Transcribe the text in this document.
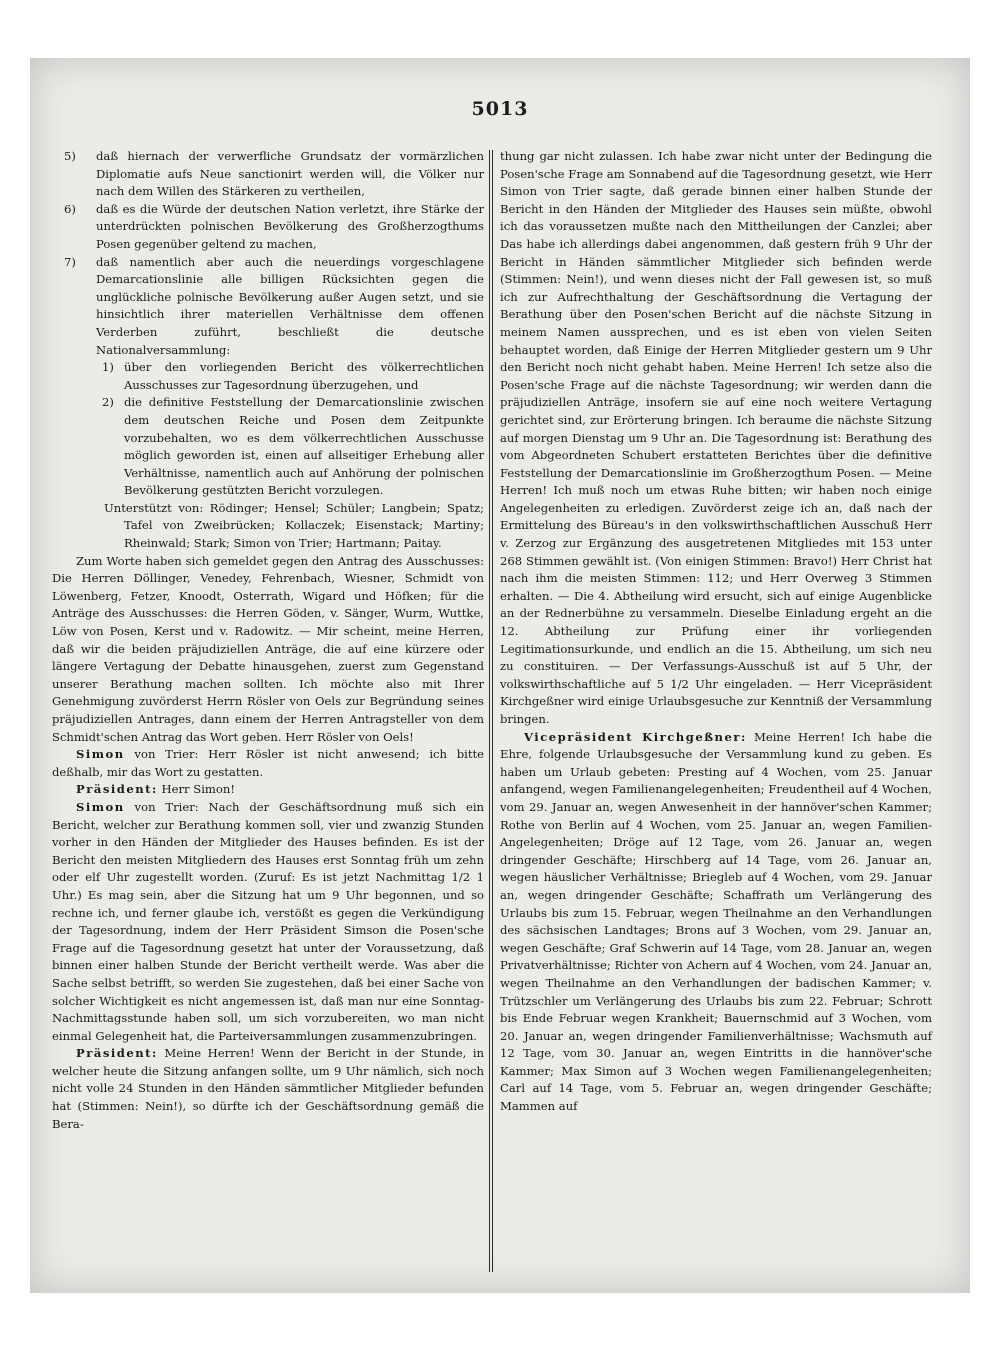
5013
5) daß hiernach der verwerfliche Grundsatz der vormärzlichen Diplomatie aufs Neue sanctionirt werden will, die Völker nur nach dem Willen des Stärkeren zu vertheilen,
6) daß es die Würde der deutschen Nation verletzt, ihre Stärke der unterdrückten polnischen Bevölkerung des Großherzogthums Posen gegenüber geltend zu machen,
7) daß namentlich aber auch die neuerdings vorgeschlagene Demarcationslinie alle billigen Rücksichten gegen die unglückliche polnische Bevölkerung außer Augen setzt, und sie hinsichtlich ihrer materiellen Verhältnisse dem offenen Verderben zuführt, beschließt die deutsche Nationalversammlung:
1) über den vorliegenden Bericht des völkerrechtlichen Ausschusses zur Tagesordnung überzugehen, und
2) die definitive Feststellung der Demarcationslinie zwischen dem deutschen Reiche und Posen dem Zeitpunkte vorzubehalten, wo es dem völkerrechtlichen Ausschusse möglich geworden ist, einen auf allseitiger Erhebung aller Verhältnisse, namentlich auch auf Anhörung der polnischen Bevölkerung gestützten Bericht vorzulegen.

Unterstützt von: Rödinger; Hensel; Schüler; Langbein; Spatz; Tafel von Zweibrücken; Kollaczek; Eisenstack; Martiny; Rheinwald; Stark; Simon von Trier; Hartmann; Paitay.

Zum Worte haben sich gemeldet gegen den Antrag des Ausschusses: Die Herren Döllinger, Venedey, Fehrenbach, Wiesner, Schmidt von Löwenberg, Fetzer, Knoodt, Osterrath, Wigard und Höfken; für die Anträge des Ausschusses: die Herren Göden, v. Sänger, Wurm, Wuttke, Löw von Posen, Kerst und v. Radowitz. — Mir scheint, meine Herren, daß wir die beiden präjudiziellen Anträge, die auf eine kürzere oder längere Vertagung der Debatte hinausgehen, zuerst zum Gegenstand unserer Berathung machen sollten. Ich möchte also mit Ihrer Genehmigung zuvörderst Herrn Rösler von Oels zur Begründung seines präjudiziellen Antrages, dann einem der Herren Antragsteller von dem Schmidt'schen Antrag das Wort geben. Herr Rösler von Oels!

Simon von Trier: Herr Rösler ist nicht anwesend; ich bitte deßhalb, mir das Wort zu gestatten.

Präsident: Herr Simon!

Simon von Trier: Nach der Geschäftsordnung muß sich ein Bericht, welcher zur Berathung kommen soll, vier und zwanzig Stunden vorher in den Händen der Mitglieder des Hauses befinden. Es ist der Bericht den meisten Mitgliedern des Hauses erst Sonntag früh um zehn oder elf Uhr zugestellt worden. (Zuruf: Es ist jetzt Nachmittag 1/2 1 Uhr.) Es mag sein, aber die Sitzung hat um 9 Uhr begonnen, und so rechne ich, und ferner glaube ich, verstößt es gegen die Verkündigung der Tagesordnung, indem der Herr Präsident Simson die Posen'sche Frage auf die Tagesordnung gesetzt hat unter der Voraussetzung, daß binnen einer halben Stunde der Bericht vertheilt werde. Was aber die Sache selbst betrifft, so werden Sie zugestehen, daß bei einer Sache von solcher Wichtigkeit es nicht angemessen ist, daß man nur eine Sonntag-Nachmittagsstunde haben soll, um sich vorzubereiten, wo man nicht einmal Gelegenheit hat, die Parteiversammlungen zusammenzubringen.

Präsident: Meine Herren! Wenn der Bericht in der Stunde, in welcher heute die Sitzung anfangen sollte, um 9 Uhr nämlich, sich noch nicht volle 24 Stunden in den Händen sämmtlicher Mitglieder befunden hat (Stimmen: Nein!), so dürfte ich der Geschäftsordnung gemäß die Bera-

thung gar nicht zulassen. Ich habe zwar nicht unter der Bedingung die Posen'sche Frage am Sonnabend auf die Tagesordnung gesetzt, wie Herr Simon von Trier sagte, daß gerade binnen einer halben Stunde der Bericht in den Händen der Mitglieder des Hauses sein müßte, obwohl ich das voraussetzen mußte nach den Mittheilungen der Canzlei; aber Das habe ich allerdings dabei angenommen, daß gestern früh 9 Uhr der Bericht in Händen sämmtlicher Mitglieder sich befinden werde (Stimmen: Nein!), und wenn dieses nicht der Fall gewesen ist, so muß ich zur Aufrechthaltung der Geschäftsordnung die Vertagung der Berathung über den Posen'schen Bericht auf die nächste Sitzung in meinem Namen aussprechen, und es ist eben von vielen Seiten behauptet worden, daß Einige der Herren Mitglieder gestern um 9 Uhr den Bericht noch nicht gehabt haben. Meine Herren! Ich setze also die Posen'sche Frage auf die nächste Tagesordnung; wir werden dann die präjudiziellen Anträge, insofern sie auf eine noch weitere Vertagung gerichtet sind, zur Erörterung bringen. Ich beraume die nächste Sitzung auf morgen Dienstag um 9 Uhr an. Die Tagesordnung ist: Berathung des vom Abgeordneten Schubert erstatteten Berichtes über die definitive Feststellung der Demarcationslinie im Großherzogthum Posen. — Meine Herren! Ich muß noch um etwas Ruhe bitten; wir haben noch einige Angelegenheiten zu erledigen. Zuvörderst zeige ich an, daß nach der Ermittelung des Büreau's in den volkswirthschaftlichen Ausschuß Herr v. Zerzog zur Ergänzung des ausgetretenen Mitgliedes mit 153 unter 268 Stimmen gewählt ist. (Von einigen Stimmen: Bravo!) Herr Christ hat nach ihm die meisten Stimmen: 112; und Herr Overweg 3 Stimmen erhalten. — Die 4. Abtheilung wird ersucht, sich auf einige Augenblicke an der Rednerbühne zu versammeln. Dieselbe Einladung ergeht an die 12. Abtheilung zur Prüfung einer ihr vorliegenden Legitimationsurkunde, und endlich an die 15. Abtheilung, um sich neu zu constituiren. — Der Verfassungs-Ausschuß ist auf 5 Uhr, der volkswirthschaftliche auf 5 1/2 Uhr eingeladen. — Herr Vicepräsident Kirchgeßner wird einige Urlaubsgesuche zur Kenntniß der Versammlung bringen.

Vicepräsident Kirchgeßner: Meine Herren! Ich habe die Ehre, folgende Urlaubsgesuche der Versammlung kund zu geben. Es haben um Urlaub gebeten: Presting auf 4 Wochen, vom 25. Januar anfangend, wegen Familienangelegenheiten; Freudentheil auf 4 Wochen, vom 29. Januar an, wegen Anwesenheit in der hannöver'schen Kammer; Rothe von Berlin auf 4 Wochen, vom 25. Januar an, wegen Familien-Angelegenheiten; Dröge auf 12 Tage, vom 26. Januar an, wegen dringender Geschäfte; Hirschberg auf 14 Tage, vom 26. Januar an, wegen häuslicher Verhältnisse; Briegleb auf 4 Wochen, vom 29. Januar an, wegen dringender Geschäfte; Schaffrath um Verlängerung des Urlaubs bis zum 15. Februar, wegen Theilnahme an den Verhandlungen des sächsischen Landtages; Brons auf 3 Wochen, vom 29. Januar an, wegen Geschäfte; Graf Schwerin auf 14 Tage, vom 28. Januar an, wegen Privatverhältnisse; Richter von Achern auf 4 Wochen, vom 24. Januar an, wegen Theilnahme an den Verhandlungen der badischen Kammer; v. Trützschler um Verlängerung des Urlaubs bis zum 22. Februar; Schrott bis Ende Februar wegen Krankheit; Bauernschmid auf 3 Wochen, vom 20. Januar an, wegen dringender Familienverhältnisse; Wachsmuth auf 12 Tage, vom 30. Januar an, wegen Eintritts in die hannöver'sche Kammer; Max Simon auf 3 Wochen wegen Familienangelegenheiten; Carl auf 14 Tage, vom 5. Februar an, wegen dringender Geschäfte; Mammen auf
